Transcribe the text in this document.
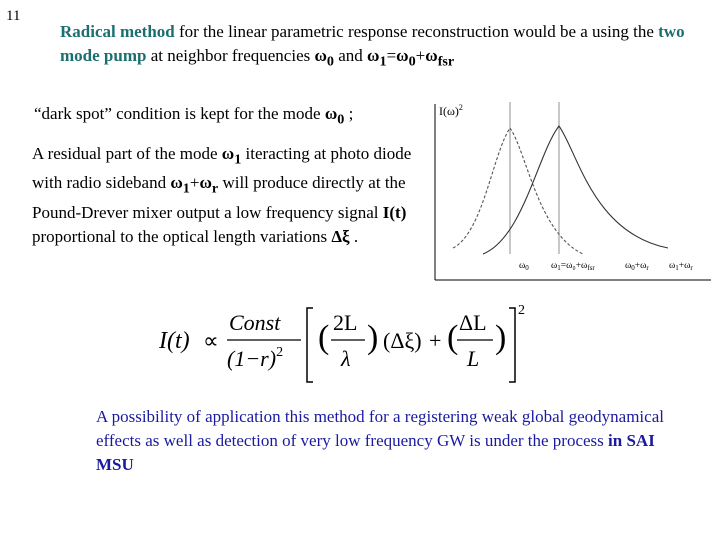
11
Radical method for the linear parametric response reconstruction would be a using the two mode pump at neighbor frequencies $\omega_0$ and $\omega_1=\omega_0+\omega_{fsr}$
“dark spot” condition is kept for the mode $\omega_0$ ;
A residual part of the mode $\omega_1$ iteracting at photo diode with radio sideband $\omega_1+\omega_r$ will produce directly at the Pound-Drever mixer output a low frequency signal I(t) proportional to the optical length variations Δξ .
$I(\omega)^2$
$\omega_0$ $\omega_1=\omega_0+\omega_{fsr}$	$\omega_0+\omega_r$ $\omega_1+\omega_r$
I(t) ∝
Const
$(1-r)^2$ ( 2L
λ
) (Δξ) + ( ΔL
L
)
2
A possibility of application this method for a registering weak global geodynamical effects as well as detection of very low frequency GW is under the process in SAI MSU
